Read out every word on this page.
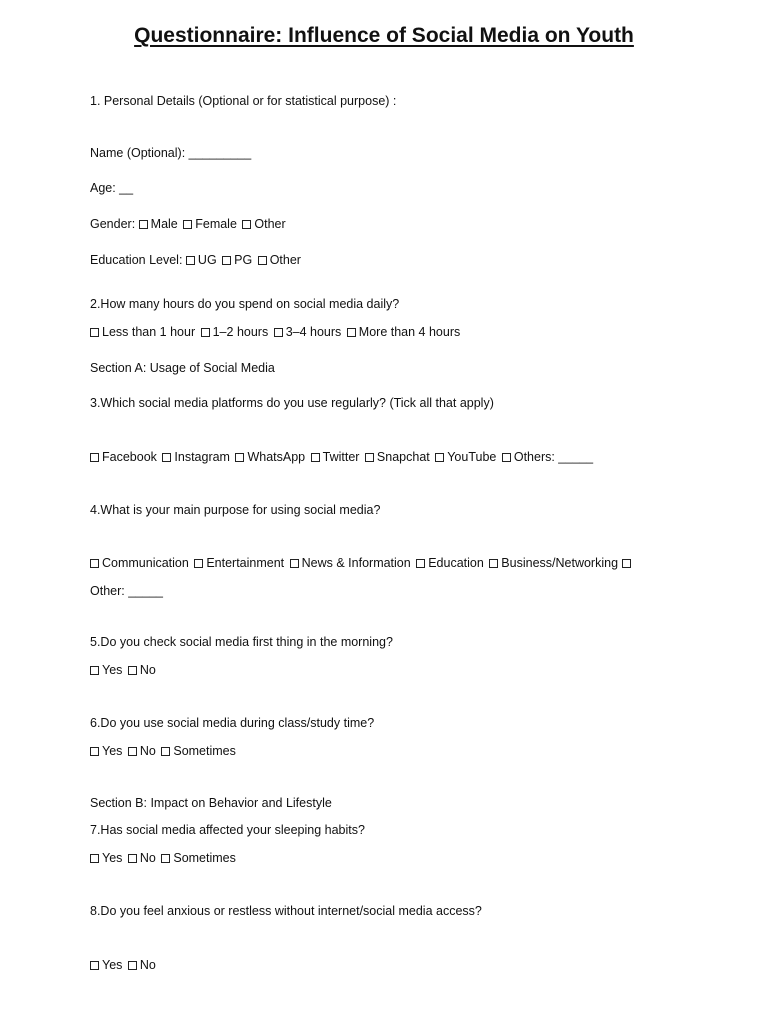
Questionnaire: Influence of Social Media on Youth
1. Personal Details (Optional or for statistical purpose) :
Name (Optional): _________
Age: __
Gender: Male Female Other
Education Level: UG PG Other
2.How many hours do you spend on social media daily?
Less than 1 hour 1–2 hours 3–4 hours More than 4 hours
Section A: Usage of Social Media
3.Which social media platforms do you use regularly? (Tick all that apply)
Facebook Instagram WhatsApp Twitter Snapchat YouTube Others: _____
4.What is your main purpose for using social media?
Communication Entertainment News & Information Education Business/Networking
Other: _____
5.Do you check social media first thing in the morning?
Yes No
6.Do you use social media during class/study time?
Yes No Sometimes
Section B: Impact on Behavior and Lifestyle
7.Has social media affected your sleeping habits?
Yes No Sometimes
8.Do you feel anxious or restless without internet/social media access?
Yes No
